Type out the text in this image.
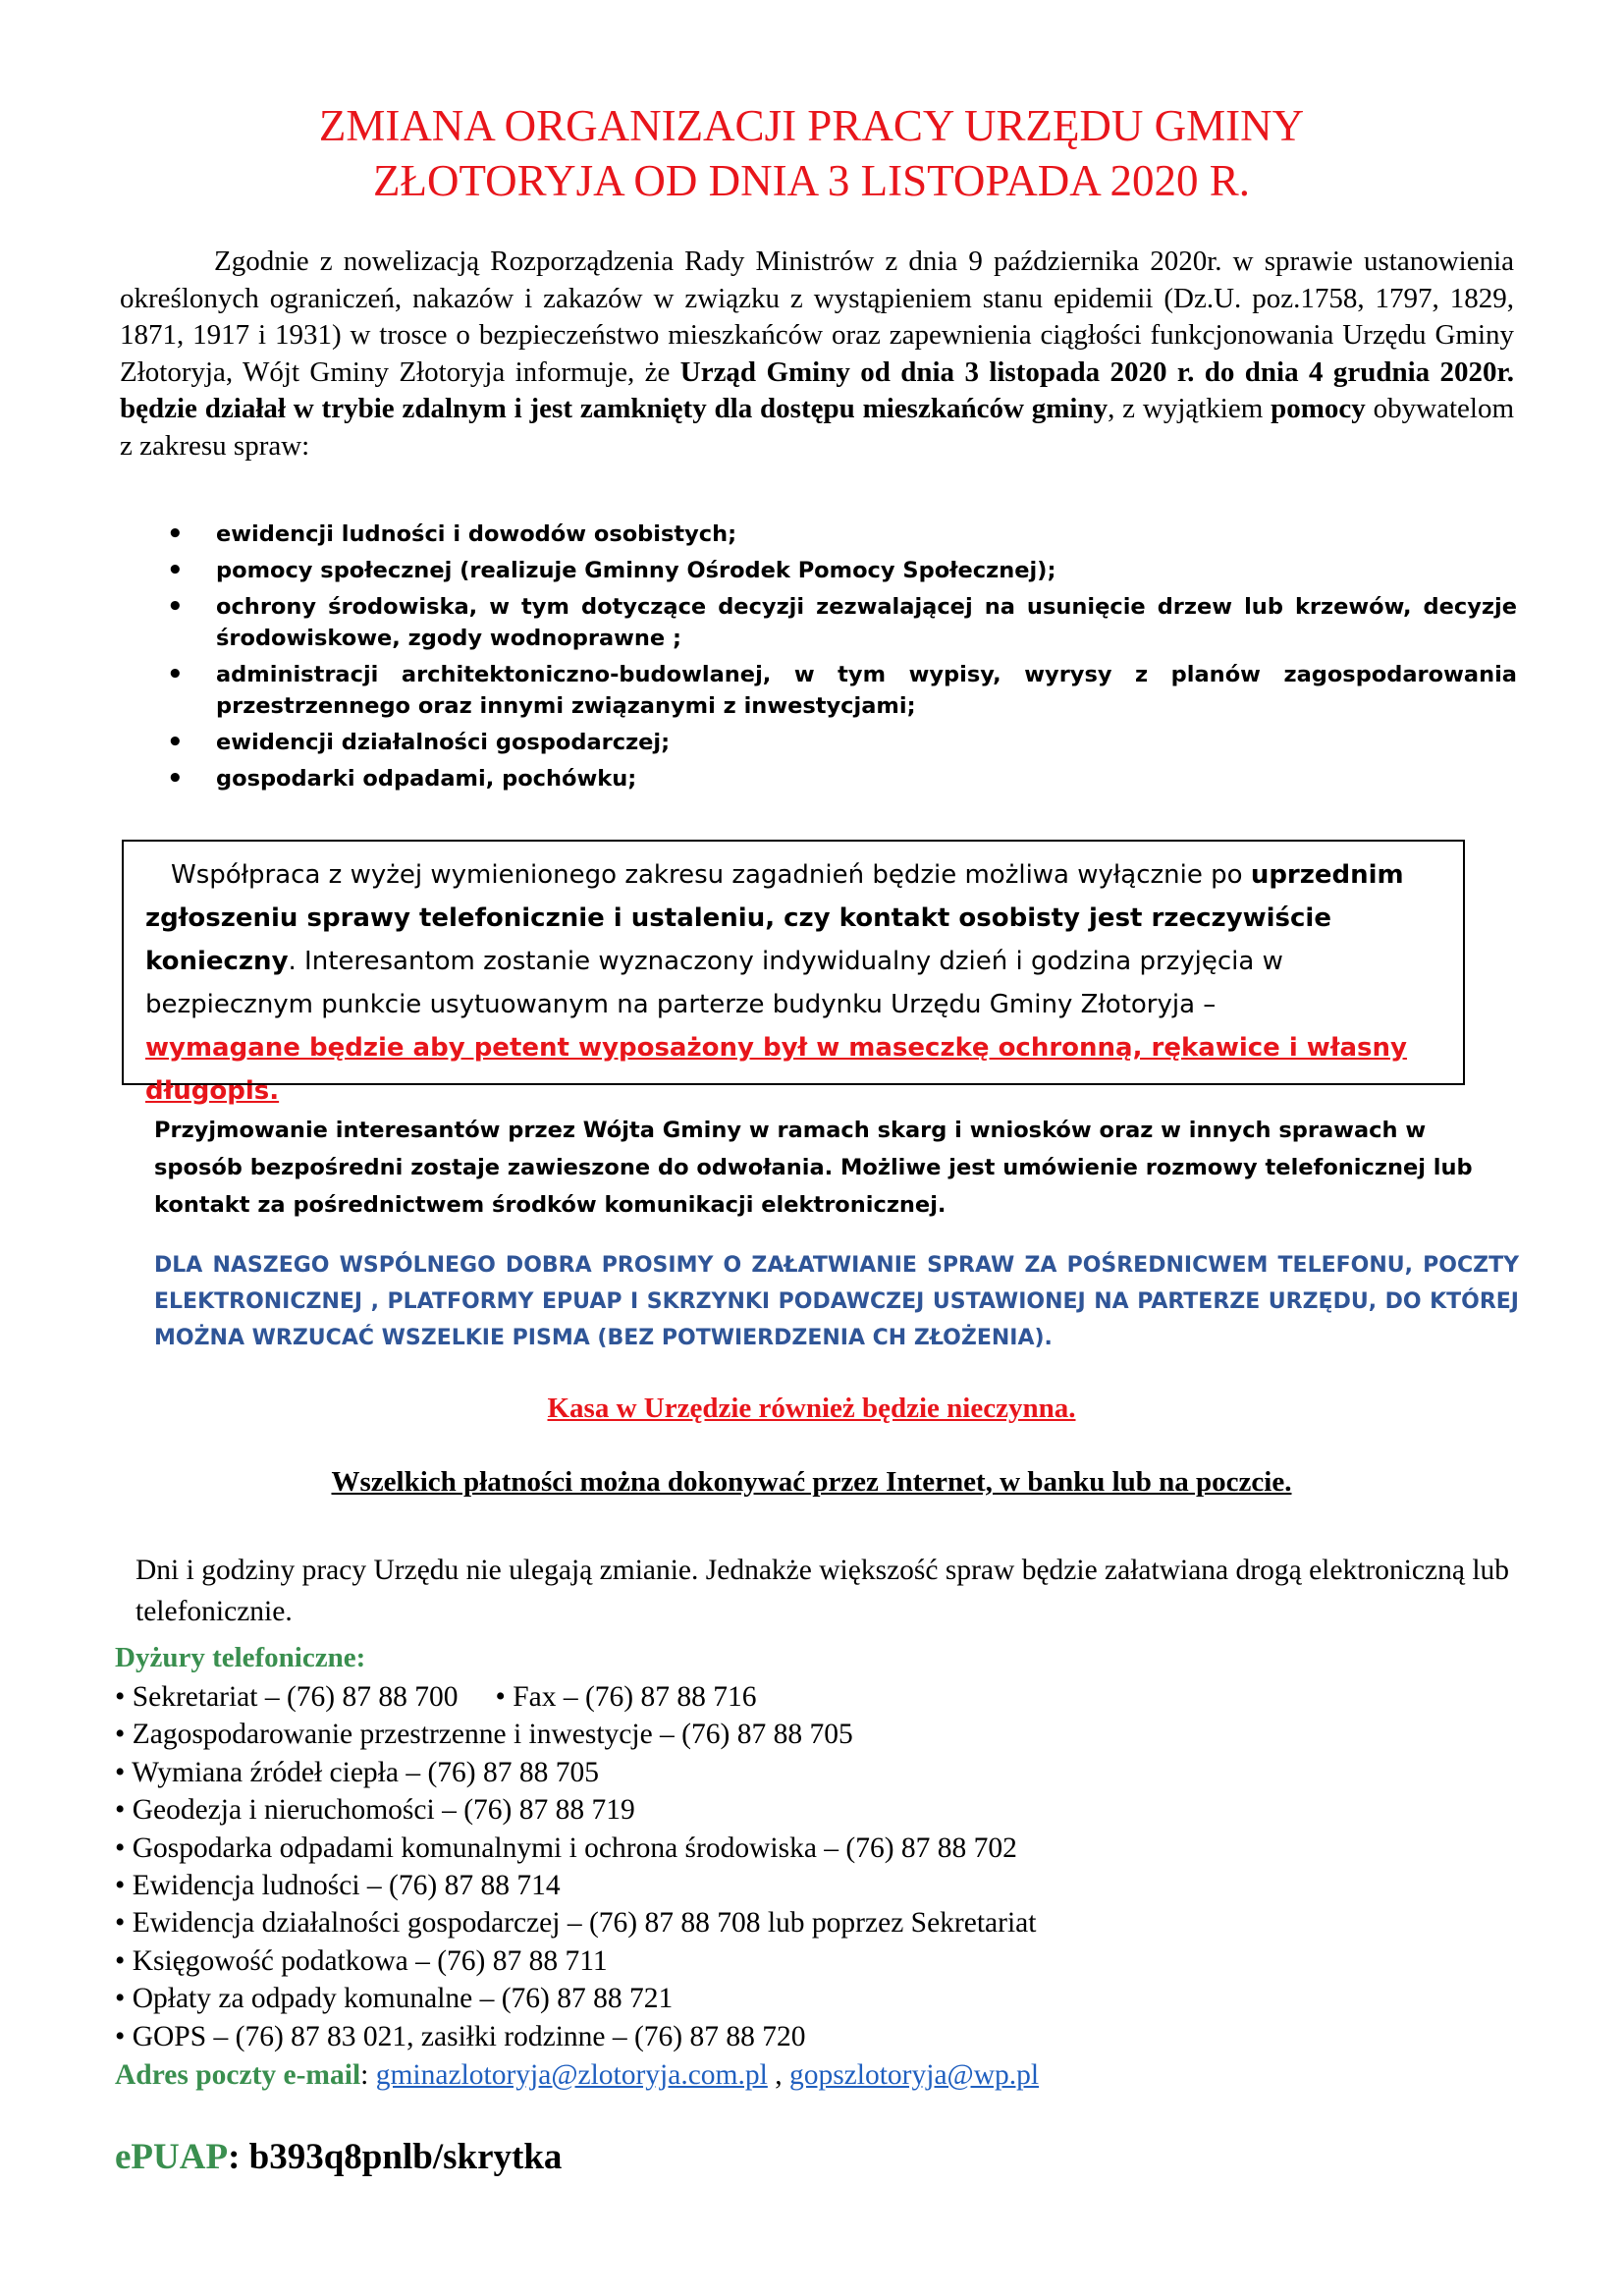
ZMIANA ORGANIZACJI PRACY URZĘDU GMINY
ZŁOTORYJA OD DNIA 3 LISTOPADA 2020 R.

Zgodnie z nowelizacją Rozporządzenia Rady Ministrów z dnia 9 października 2020r. w sprawie ustanowienia określonych ograniczeń, nakazów i zakazów w związku z wystąpieniem stanu epidemii (Dz.U. poz.1758, 1797, 1829, 1871, 1917 i 1931) w trosce o bezpieczeństwo mieszkańców oraz zapewnienia ciągłości funkcjonowania Urzędu Gminy Złotoryja, Wójt Gminy Złotoryja informuje, że Urząd Gminy od dnia 3 listopada 2020 r. do dnia 4 grudnia 2020r. będzie działał w trybie zdalnym i jest zamknięty dla dostępu mieszkańców gminy, z wyjątkiem pomocy obywatelom z zakresu spraw:

• ewidencji ludności i dowodów osobistych;
• pomocy społecznej (realizuje Gminny Ośrodek Pomocy Społecznej);
• ochrony środowiska, w tym dotyczące decyzji zezwalającej na usunięcie drzew lub krzewów, decyzje środowiskowe, zgody wodnoprawne ;
• administracji architektoniczno-budowlanej, w tym wypisy, wyrysy z planów zagospodarowania przestrzennego oraz innymi związanymi z inwestycjami;
• ewidencji działalności gospodarczej;
• gospodarki odpadami, pochówku;

Współpraca z wyżej wymienionego zakresu zagadnień będzie możliwa wyłącznie po uprzednim zgłoszeniu sprawy telefonicznie i ustaleniu, czy kontakt osobisty jest rzeczywiście konieczny. Interesantom zostanie wyznaczony indywidualny dzień i godzina przyjęcia w bezpiecznym punkcie usytuowanym na parterze budynku Urzędu Gminy Złotoryja –

wymagane będzie aby petent wyposażony był w maseczkę ochronną, rękawice i własny długopis.

Przyjmowanie interesantów przez Wójta Gminy w ramach skarg i wniosków oraz w innych sprawach w sposób bezpośredni zostaje zawieszone do odwołania. Możliwe jest umówienie rozmowy telefonicznej lub kontakt za pośrednictwem środków komunikacji elektronicznej.

DLA NASZEGO WSPÓLNEGO DOBRA PROSIMY O ZAŁATWIANIE SPRAW ZA POŚREDNICWEM TELEFONU, POCZTY ELEKTRONICZNEJ , PLATFORMY EPUAP I SKRZYNKI PODAWCZEJ USTAWIONEJ NA PARTERZE URZĘDU, DO KTÓREJ MOŻNA WRZUCAĆ WSZELKIE PISMA (BEZ POTWIERDZENIA CH ZŁOŻENIA).

Kasa w Urzędzie również będzie nieczynna.

Wszelkich płatności można dokonywać przez Internet, w banku lub na poczcie.

Dni i godziny pracy Urzędu nie ulegają zmianie. Jednakże większość spraw będzie załatwiana drogą elektroniczną lub telefonicznie.

Dyżury telefoniczne:

• Sekretariat – (76) 87 88 700 • Fax – (76) 87 88 716
• Zagospodarowanie przestrzenne i inwestycje – (76) 87 88 705
• Wymiana źródeł ciepła – (76) 87 88 705
• Geodezja i nieruchomości – (76) 87 88 719
• Gospodarka odpadami komunalnymi i ochrona środowiska – (76) 87 88 702
• Ewidencja ludności – (76) 87 88 714
• Ewidencja działalności gospodarczej – (76) 87 88 708 lub poprzez Sekretariat
• Księgowość podatkowa – (76) 87 88 711
• Opłaty za odpady komunalne – (76) 87 88 721
• GOPS – (76) 87 83 021, zasiłki rodzinne – (76) 87 88 720

Adres poczty e-mail: gminazlotoryja@zlotoryja.com.pl , gopszlotoryja@wp.pl

ePUAP: b393q8pnlb/skrytka
